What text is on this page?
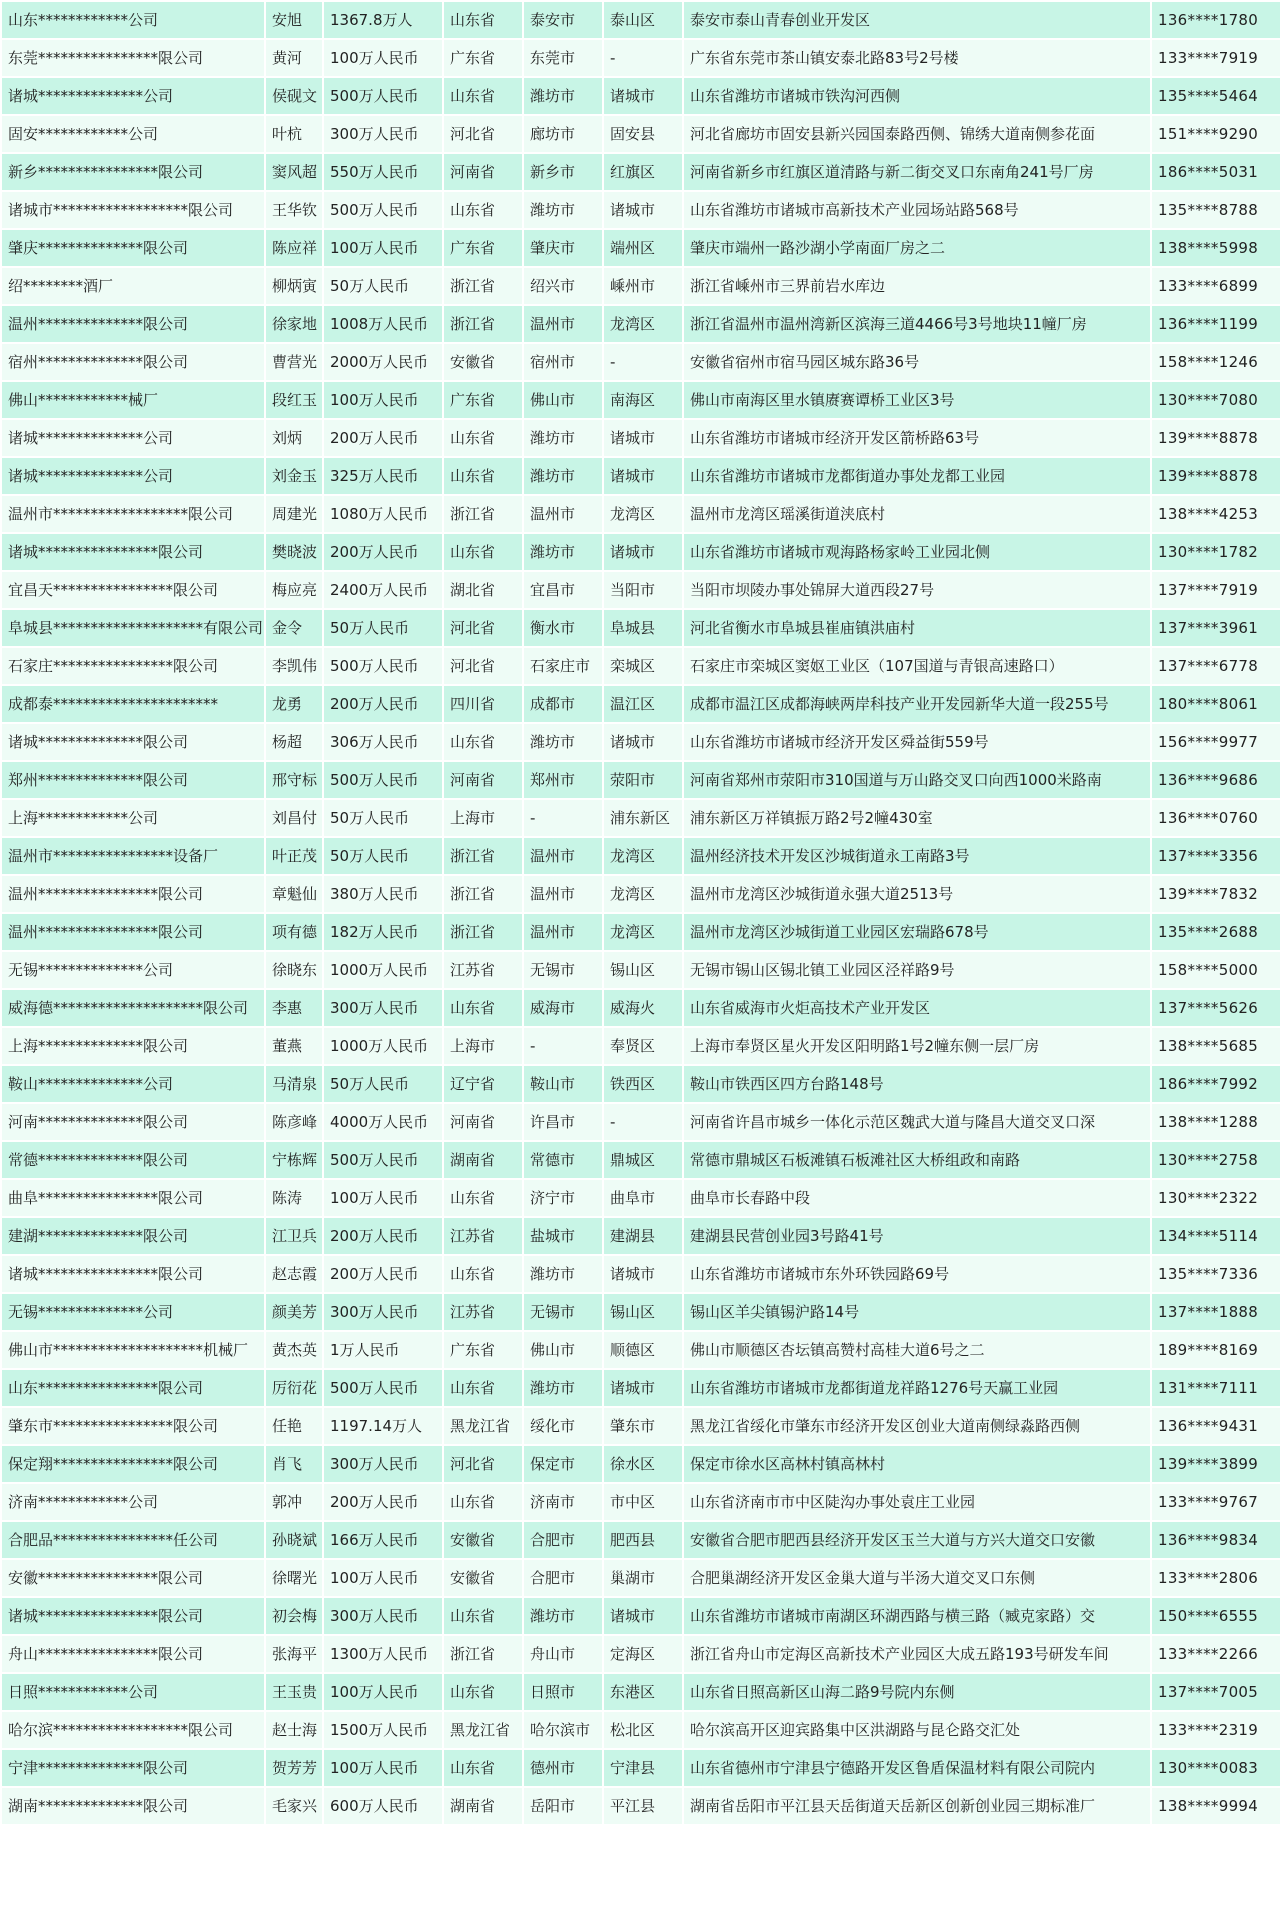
山东************公司	安旭	1367.8万人	山东省	泰安市	泰山区	泰安市泰山青春创业开发区	136****1780
东莞****************限公司	黄河	100万人民币	广东省	东莞市	-	广东省东莞市茶山镇安泰北路83号2号楼	133****7919
诸城**************公司	侯砚文	500万人民币	山东省	潍坊市	诸城市	山东省潍坊市诸城市铁沟河西侧	135****5464
固安************公司	叶杭	300万人民币	河北省	廊坊市	固安县	河北省廊坊市固安县新兴园国泰路西侧、锦绣大道南侧参花面	151****9290
新乡****************限公司	窦风超	550万人民币	河南省	新乡市	红旗区	河南省新乡市红旗区道清路与新二街交叉口东南角241号厂房	186****5031
诸城市******************限公司	王华钦	500万人民币	山东省	潍坊市	诸城市	山东省潍坊市诸城市高新技术产业园场站路568号	135****8788
肇庆**************限公司	陈应祥	100万人民币	广东省	肇庆市	端州区	肇庆市端州一路沙湖小学南面厂房之二	138****5998
绍********酒厂	柳炳寅	50万人民币	浙江省	绍兴市	嵊州市	浙江省嵊州市三界前岩水库边	133****6899
温州**************限公司	徐家地	1008万人民币	浙江省	温州市	龙湾区	浙江省温州市温州湾新区滨海三道4466号3号地块11幢厂房	136****1199
宿州**************限公司	曹营光	2000万人民币	安徽省	宿州市	-	安徽省宿州市宿马园区城东路36号	158****1246
佛山************械厂	段红玉	100万人民币	广东省	佛山市	南海区	佛山市南海区里水镇赓赛谭桥工业区3号	130****7080
诸城**************公司	刘炳	200万人民币	山东省	潍坊市	诸城市	山东省潍坊市诸城市经济开发区箭桥路63号	139****8878
诸城**************公司	刘金玉	325万人民币	山东省	潍坊市	诸城市	山东省潍坊市诸城市龙都街道办事处龙都工业园	139****8878
温州市******************限公司	周建光	1080万人民币	浙江省	温州市	龙湾区	温州市龙湾区瑶溪街道浃底村	138****4253
诸城****************限公司	樊晓波	200万人民币	山东省	潍坊市	诸城市	山东省潍坊市诸城市观海路杨家岭工业园北侧	130****1782
宜昌天****************限公司	梅应亮	2400万人民币	湖北省	宜昌市	当阳市	当阳市坝陵办事处锦屏大道西段27号	137****7919
阜城县********************有限公司	金令	50万人民币	河北省	衡水市	阜城县	河北省衡水市阜城县崔庙镇洪庙村	137****3961
石家庄****************限公司	李凯伟	500万人民币	河北省	石家庄市	栾城区	石家庄市栾城区窦妪工业区（107国道与青银高速路口）	137****6778
成都泰**********************	龙勇	200万人民币	四川省	成都市	温江区	成都市温江区成都海峡两岸科技产业开发园新华大道一段255号	180****8061
诸城**************限公司	杨超	306万人民币	山东省	潍坊市	诸城市	山东省潍坊市诸城市经济开发区舜益街559号	156****9977
郑州**************限公司	邢守标	500万人民币	河南省	郑州市	荥阳市	河南省郑州市荥阳市310国道与万山路交叉口向西1000米路南	136****9686
上海************公司	刘昌付	50万人民币	上海市	-	浦东新区	浦东新区万祥镇振万路2号2幢430室	136****0760
温州市****************设备厂	叶正茂	50万人民币	浙江省	温州市	龙湾区	温州经济技术开发区沙城街道永工南路3号	137****3356
温州****************限公司	章魁仙	380万人民币	浙江省	温州市	龙湾区	温州市龙湾区沙城街道永强大道2513号	139****7832
温州****************限公司	项有德	182万人民币	浙江省	温州市	龙湾区	温州市龙湾区沙城街道工业园区宏瑞路678号	135****2688
无锡**************公司	徐晓东	1000万人民币	江苏省	无锡市	锡山区	无锡市锡山区锡北镇工业园区泾祥路9号	158****5000
威海德********************限公司	李惠	300万人民币	山东省	威海市	威海火	山东省威海市火炬高技术产业开发区	137****5626
上海**************限公司	董燕	1000万人民币	上海市	-	奉贤区	上海市奉贤区星火开发区阳明路1号2幢东侧一层厂房	138****5685
鞍山**************公司	马清泉	50万人民币	辽宁省	鞍山市	铁西区	鞍山市铁西区四方台路148号	186****7992
河南**************限公司	陈彦峰	4000万人民币	河南省	许昌市	-	河南省许昌市城乡一体化示范区魏武大道与隆昌大道交叉口深	138****1288
常德**************限公司	宁栋辉	500万人民币	湖南省	常德市	鼎城区	常德市鼎城区石板滩镇石板滩社区大桥组政和南路	130****2758
曲阜****************限公司	陈涛	100万人民币	山东省	济宁市	曲阜市	曲阜市长春路中段	130****2322
建湖**************限公司	江卫兵	200万人民币	江苏省	盐城市	建湖县	建湖县民营创业园3号路41号	134****5114
诸城****************限公司	赵志霞	200万人民币	山东省	潍坊市	诸城市	山东省潍坊市诸城市东外环铁园路69号	135****7336
无锡**************公司	颜美芳	300万人民币	江苏省	无锡市	锡山区	锡山区羊尖镇锡沪路14号	137****1888
佛山市********************机械厂	黄杰英	1万人民币	广东省	佛山市	顺德区	佛山市顺德区杏坛镇高赞村高桂大道6号之二	189****8169
山东****************限公司	厉衍花	500万人民币	山东省	潍坊市	诸城市	山东省潍坊市诸城市龙都街道龙祥路1276号天赢工业园	131****7111
肇东市****************限公司	任艳	1197.14万人	黑龙江省	绥化市	肇东市	黑龙江省绥化市肇东市经济开发区创业大道南侧绿淼路西侧	136****9431
保定翔****************限公司	肖飞	300万人民币	河北省	保定市	徐水区	保定市徐水区高林村镇高林村	139****3899
济南************公司	郭冲	200万人民币	山东省	济南市	市中区	山东省济南市市中区陡沟办事处袁庄工业园	133****9767
合肥品****************任公司	孙晓斌	166万人民币	安徽省	合肥市	肥西县	安徽省合肥市肥西县经济开发区玉兰大道与方兴大道交口安徽	136****9834
安徽****************限公司	徐曙光	100万人民币	安徽省	合肥市	巢湖市	合肥巢湖经济开发区金巢大道与半汤大道交叉口东侧	133****2806
诸城****************限公司	初会梅	300万人民币	山东省	潍坊市	诸城市	山东省潍坊市诸城市南湖区环湖西路与横三路（臧克家路）交	150****6555
舟山****************限公司	张海平	1300万人民币	浙江省	舟山市	定海区	浙江省舟山市定海区高新技术产业园区大成五路193号研发车间	133****2266
日照************公司	王玉贵	100万人民币	山东省	日照市	东港区	山东省日照高新区山海二路9号院内东侧	137****7005
哈尔滨******************限公司	赵士海	1500万人民币	黑龙江省	哈尔滨市	松北区	哈尔滨高开区迎宾路集中区洪湖路与昆仑路交汇处	133****2319
宁津**************限公司	贺芳芳	100万人民币	山东省	德州市	宁津县	山东省德州市宁津县宁德路开发区鲁盾保温材料有限公司院内	130****0083
湖南**************限公司	毛家兴	600万人民币	湖南省	岳阳市	平江县	湖南省岳阳市平江县天岳街道天岳新区创新创业园三期标准厂	138****9994
